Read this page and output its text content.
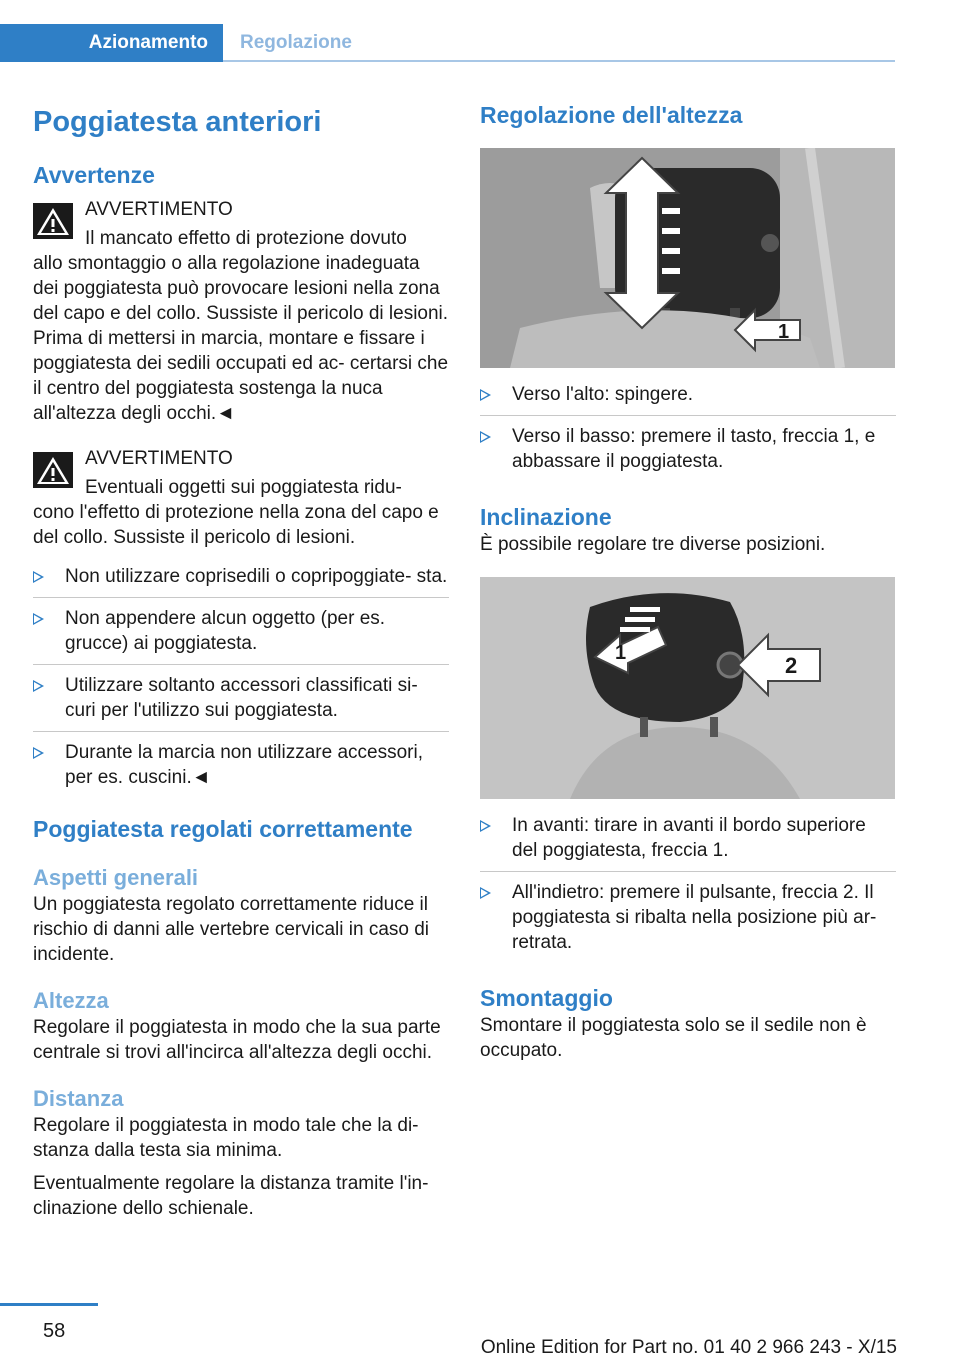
Azionamento	Regolazione
Poggiatesta anteriori
Avvertenze

AVVERTIMENTO

Il mancato effetto di protezione dovuto

allo smontaggio o alla regolazione inadeguata dei poggiatesta può provocare lesioni nella zona del capo e del collo. Sussiste il pericolo di lesioni. Prima di mettersi in marcia, montare e fissare i poggiatesta dei sedili occupati ed ac- certarsi che il centro del poggiatesta sostenga la nuca all'altezza degli occhi.◄

AVVERTIMENTO

Eventuali oggetti sui poggiatesta ridu-

cono l'effetto di protezione nella zona del capo e del collo. Sussiste il pericolo di lesioni.

Non utilizzare coprisedili o copripoggiate- sta.
Non appendere alcun oggetto (per es. grucce) ai poggiatesta.
Utilizzare soltanto accessori classificati si- curi per l'utilizzo sui poggiatesta.
Durante la marcia non utilizzare accessori, per es. cuscini.◄
Poggiatesta regolati correttamente
Aspetti generali

Un poggiatesta regolato correttamente riduce il rischio di danni alle vertebre cervicali in caso di incidente.

Altezza

Regolare il poggiatesta in modo che la sua parte centrale si trovi all'incirca all'altezza degli occhi.

Distanza

Regolare il poggiatesta in modo tale che la di- stanza dalla testa sia minima.

Eventualmente regolare la distanza tramite l'in- clinazione dello schienale.

Regolazione dell'altezza
1
Verso l'alto: spingere.
Verso il basso: premere il tasto, freccia 1, e abbassare il poggiatesta.
Inclinazione

È possibile regolare tre diverse posizioni.

1	2
In avanti: tirare in avanti il bordo superiore del poggiatesta, freccia 1.
All'indietro: premere il pulsante, freccia 2. Il poggiatesta si ribalta nella posizione più ar- retrata.
Smontaggio

Smontare il poggiatesta solo se il sedile non è occupato.

58
Online Edition for Part no. 01 40 2 966 243 - X/15
